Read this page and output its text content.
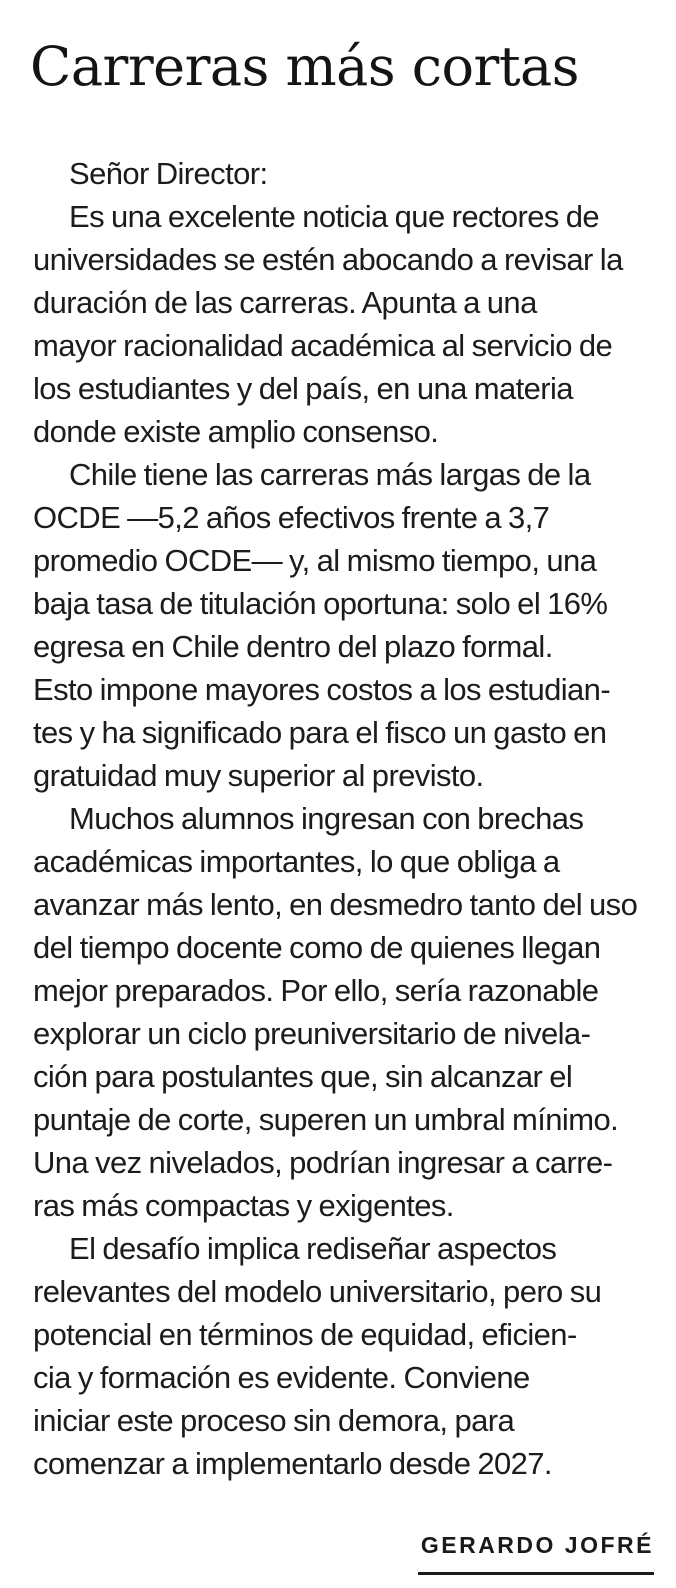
Carreras más cortas
Señor Director:
Es una excelente noticia que rectores de
universidades se estén abocando a revisar la
duración de las carreras. Apunta a una
mayor racionalidad académica al servicio de
los estudiantes y del país, en una materia
donde existe amplio consenso.
Chile tiene las carreras más largas de la
OCDE —5,2 años efectivos frente a 3,7
promedio OCDE— y, al mismo tiempo, una
baja tasa de titulación oportuna: solo el 16%
egresa en Chile dentro del plazo formal.
Esto impone mayores costos a los estudian-
tes y ha significado para el fisco un gasto en
gratuidad muy superior al previsto.
Muchos alumnos ingresan con brechas
académicas importantes, lo que obliga a
avanzar más lento, en desmedro tanto del uso
del tiempo docente como de quienes llegan
mejor preparados. Por ello, sería razonable
explorar un ciclo preuniversitario de nivela-
ción para postulantes que, sin alcanzar el
puntaje de corte, superen un umbral mínimo.
Una vez nivelados, podrían ingresar a carre-
ras más compactas y exigentes.
El desafío implica rediseñar aspectos
relevantes del modelo universitario, pero su
potencial en términos de equidad, eficien-
cia y formación es evidente. Conviene
iniciar este proceso sin demora, para
comenzar a implementarlo desde 2027.
GERARDO JOFRÉ
